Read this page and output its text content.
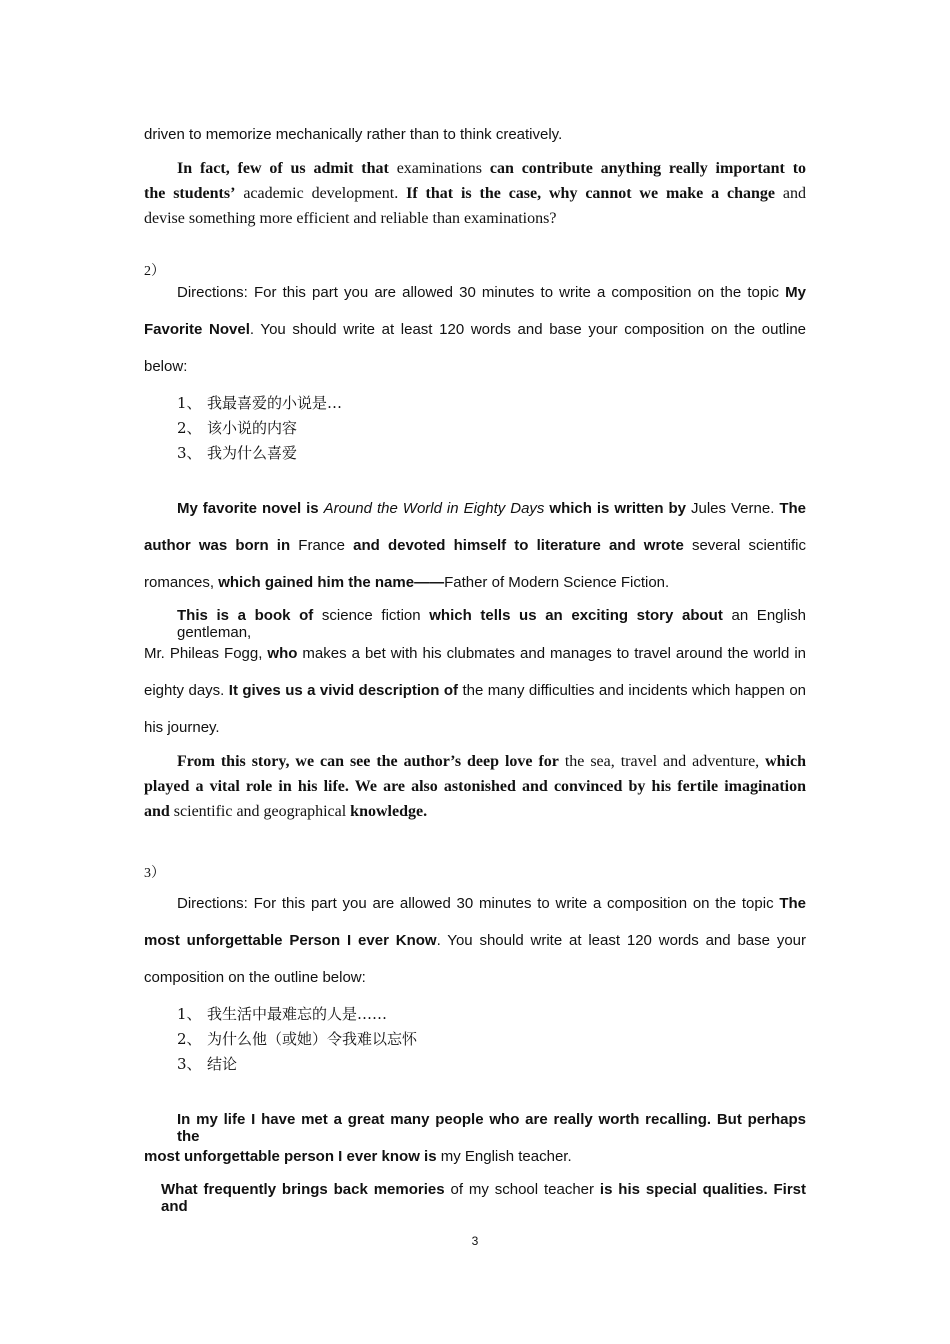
driven to memorize mechanically rather than to think creatively.
In fact, few of us admit that examinations can contribute anything really important to
the students’ academic development. If that is the case, why cannot we make a change and
devise something more efficient and reliable than examinations?
2）
Directions: For this part you are allowed 30 minutes to write a composition on the topic My
Favorite Novel. You should write at least 120 words and base your composition on the outline
below:
1、 我最喜爱的小说是…
2、 该小说的内容
3、 我为什么喜爱
My favorite novel is Around the World in Eighty Days which is written by Jules Verne. The
author was born in France and devoted himself to literature and wrote several scientific
romances, which gained him the name——Father of Modern Science Fiction.
This is a book of science fiction which tells us an exciting story about an English gentleman,
Mr. Phileas Fogg, who makes a bet with his clubmates and manages to travel around the world in
eighty days. It gives us a vivid description of the many difficulties and incidents which happen on
his journey.
From this story, we can see the author’s deep love for the sea, travel and adventure, which
played a vital role in his life. We are also astonished and convinced by his fertile imagination
and scientific and geographical knowledge.
3）
Directions: For this part you are allowed 30 minutes to write a composition on the topic The
most unforgettable Person I ever Know. You should write at least 120 words and base your
composition on the outline below:
1、 我生活中最难忘的人是……
2、 为什么他（或她）令我难以忘怀
3、 结论
In my life I have met a great many people who are really worth recalling. But perhaps the
most unforgettable person I ever know is my English teacher.
What frequently brings back memories of my school teacher is his special qualities. First and
3
